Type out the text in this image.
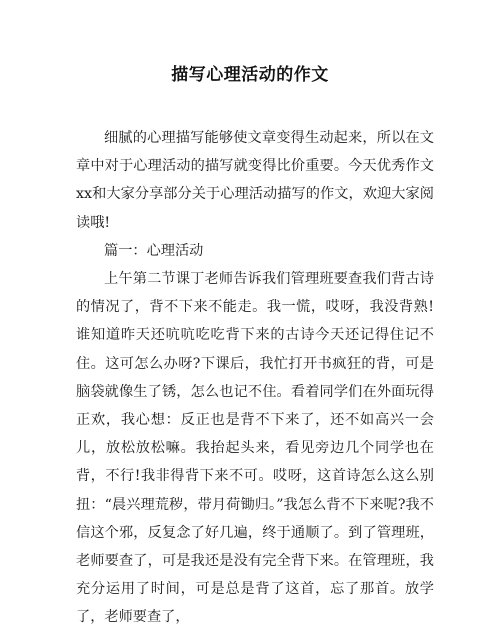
描写心理活动的作文

细腻的心理描写能够使文章变得生动起来，所以在文章中对于心理活动的描写就变得比价重要。今天优秀作文xx和大家分享部分关于心理活动描写的作文，欢迎大家阅读哦!

篇一：心理活动

上午第二节课丁老师告诉我们管理班要查我们背古诗的情况了，背不下来不能走。我一慌，哎呀，我没背熟!谁知道昨天还吭吭吃吃背下来的古诗今天还记得住记不住。这可怎么办呀?下课后，我忙打开书疯狂的背，可是脑袋就像生了锈，怎么也记不住。看着同学们在外面玩得正欢，我心想：反正也是背不下来了，还不如高兴一会儿，放松放松嘛。我抬起头来，看见旁边几个同学也在背，不行!我非得背下来不可。哎呀，这首诗怎么这么别扭：“晨兴理荒秽，带月荷锄归。”我怎么背不下来呢?我不信这个邪，反复念了好几遍，终于通顺了。到了管理班，老师要查了，可是我还是没有完全背下来。在管理班，我充分运用了时间，可是总是背了这首，忘了那首。放学了，老师要查了，
